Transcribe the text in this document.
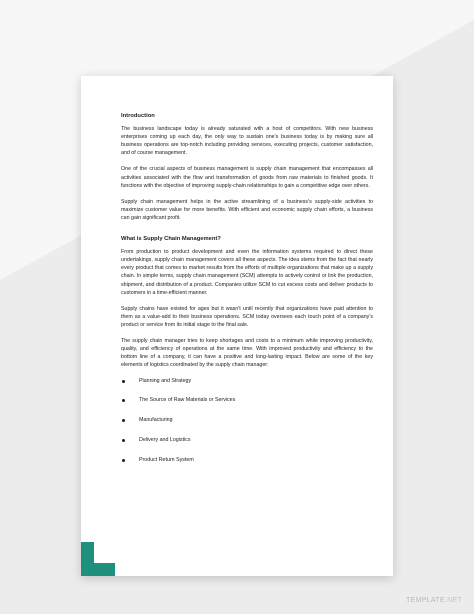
Introduction

The business landscape today is already saturated with a host of competitors. With new business enterprises coming up each day, the only way to sustain one's business today is by making sure all business operations are top-notch including providing services, executing projects, customer satisfaction, and of course management.

One of the crucial aspects of business management is supply chain management that encompasses all activities associated with the flow and transformation of goods from raw materials to finished goods. It functions with the objective of improving supply-chain relationships to gain a competitive edge over others.

Supply chain management helps in the active streamlining of a business's supply-side activities to maximize customer value for more benefits. With efficient and economic supply chain efforts, a business can gain significant profit.

What is Supply Chain Management?

From production to product development and even the information systems required to direct these undertakings, supply chain management covers all these aspects. The idea stems from the fact that nearly every product that comes to market results from the efforts of multiple organizations that make up a supply chain. In simple terms, supply chain management (SCM) attempts to actively control or link the production, shipment, and distribution of a product. Companies utilize SCM to cut excess costs and deliver products to customers in a time-efficient manner.

Supply chains have existed for ages but it wasn't until recently that organizations have paid attention to them as a value-add to their business operations. SCM today oversees each touch point of a company's product or service from its initial stage to the final sale.

The supply chain manager tries to keep shortages and costs to a minimum while improving productivity, quality, and efficiency of operations at the same time. With improved productivity and efficiency to the bottom line of a company, it can have a positive and long-lasting impact. Below are some of the key elements of logistics coordinated by the supply chain manager:

Planning and Strategy
The Source of Raw Materials or Services
Manufacturing
Delivery and Logistics
Product Return System
TEMPLATE.NET
